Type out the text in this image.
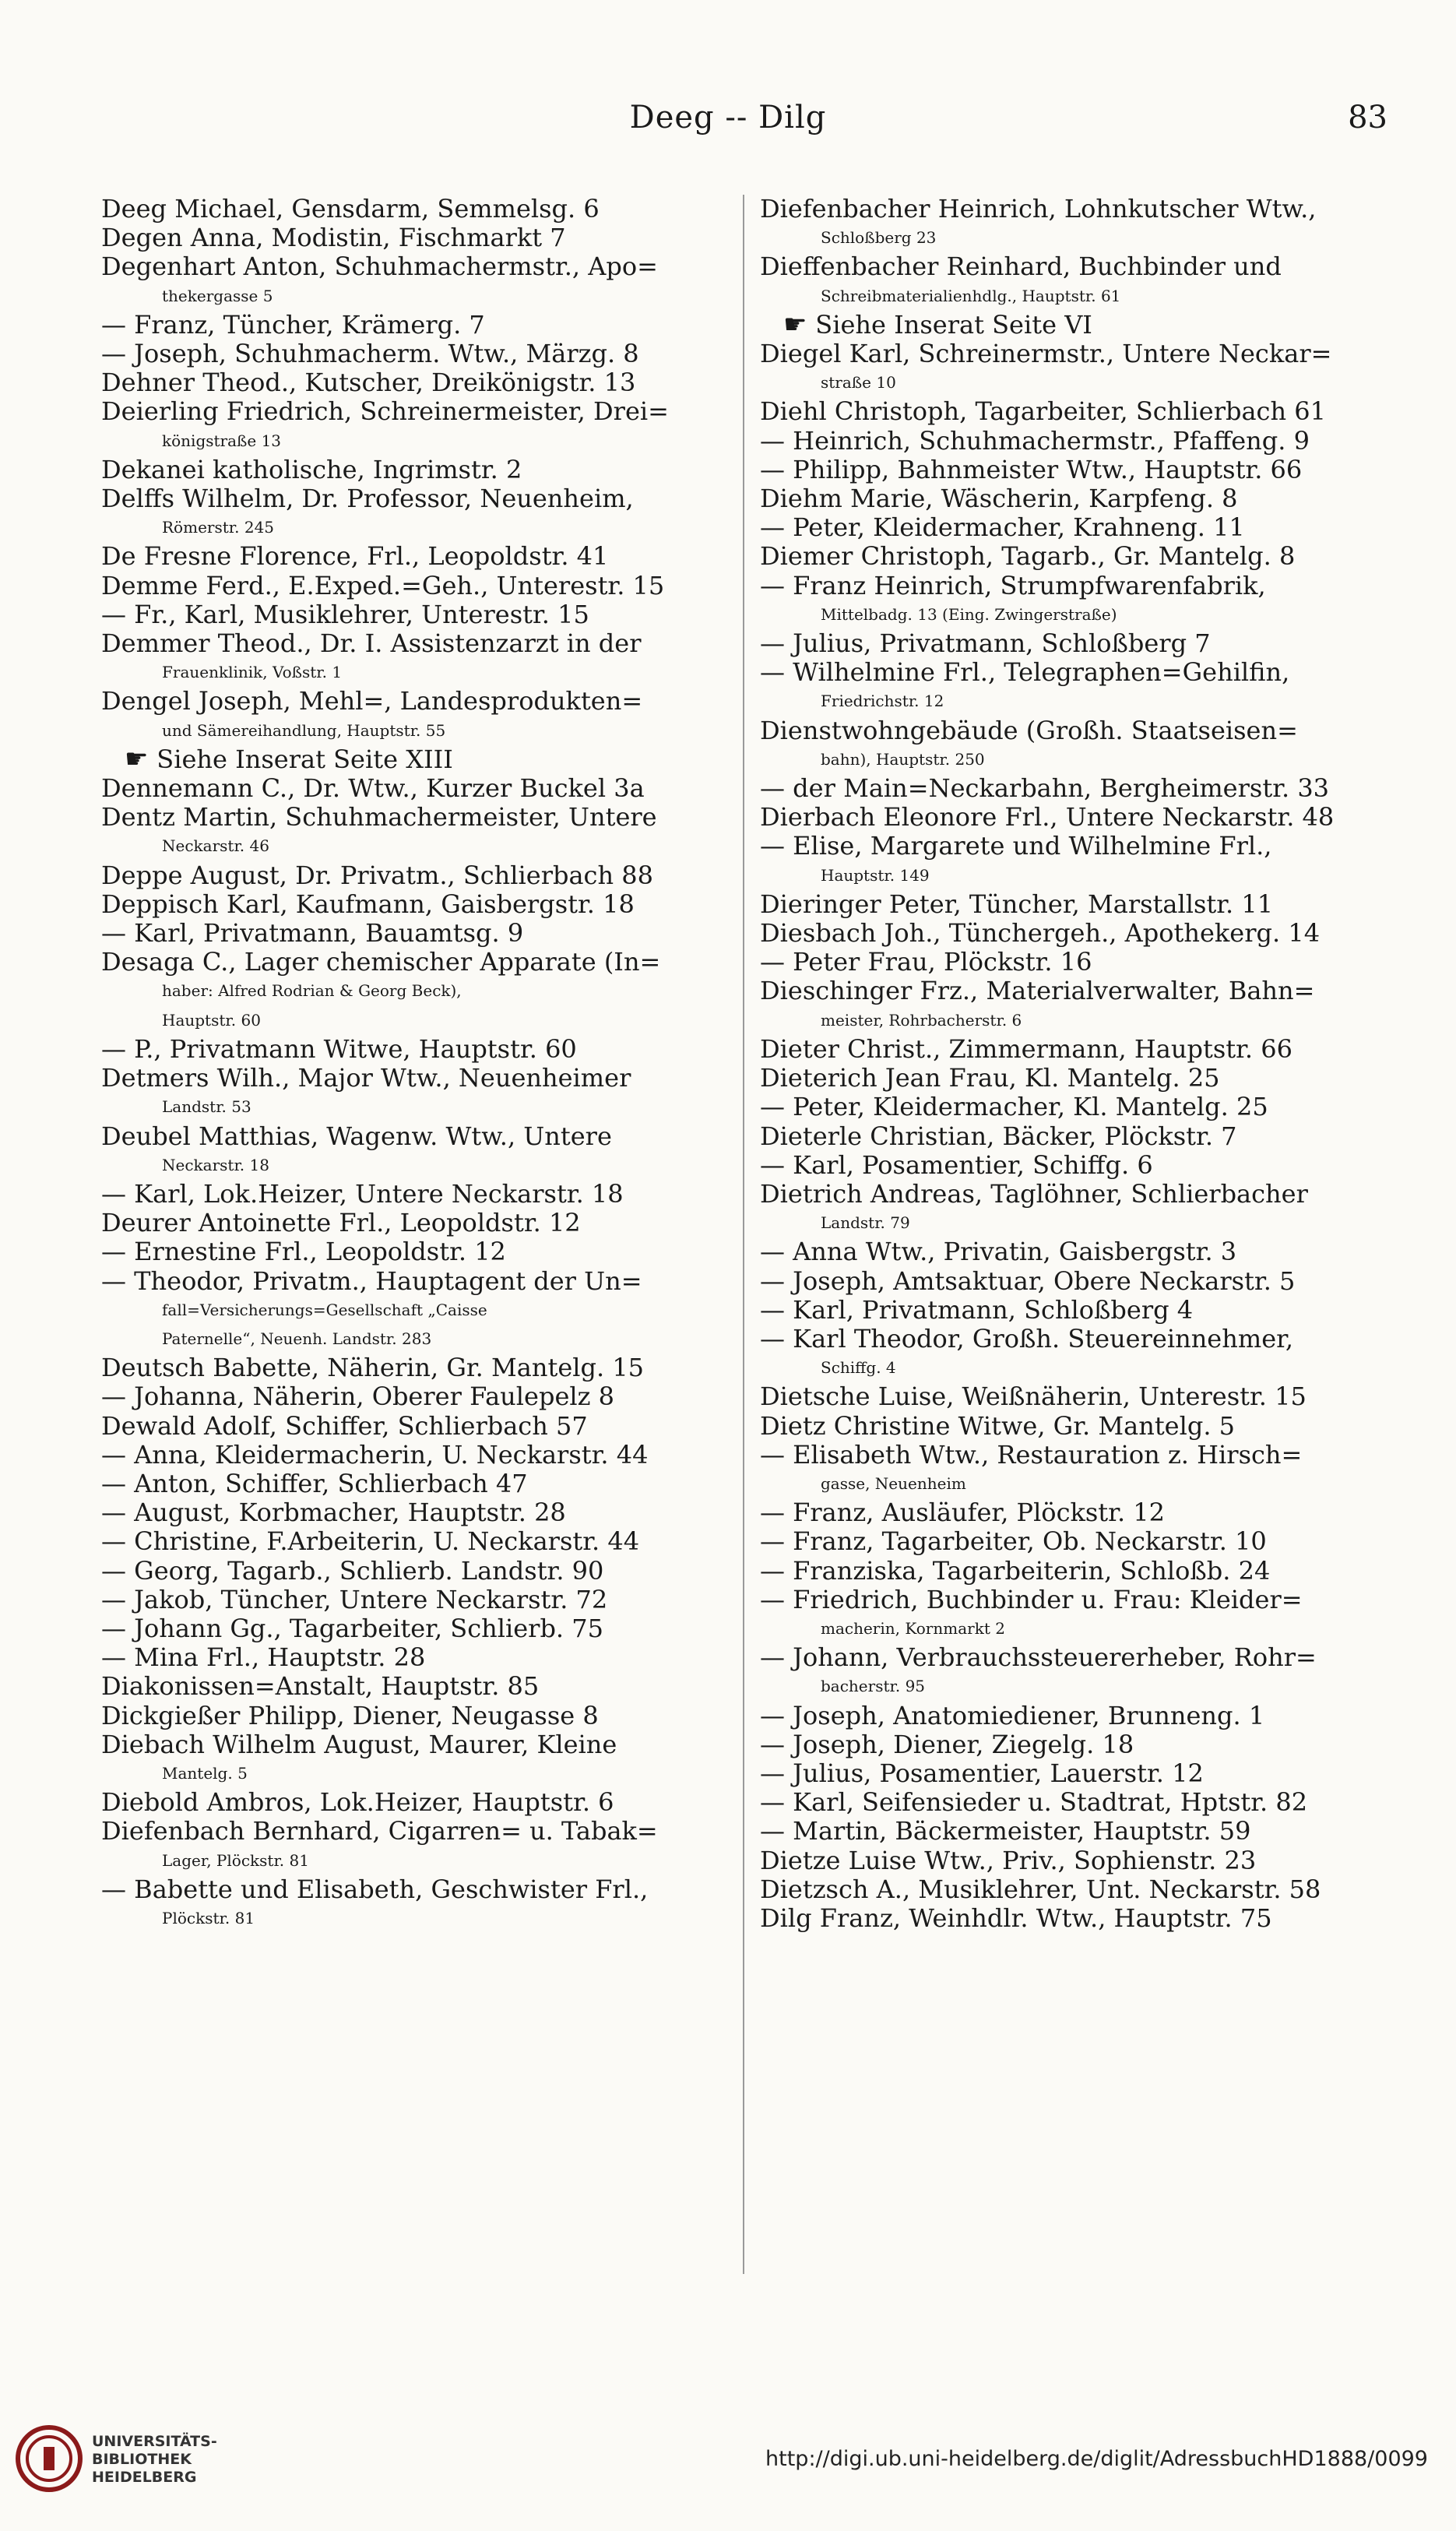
Deeg -- Dilg	83
Deeg Michael, Gensdarm, Semmelsg. 6
Degen Anna, Modistin, Fischmarkt 7
Degenhart Anton, Schuhmachermstr., Apo=
thekergasse 5
— Franz, Tüncher, Krämerg. 7
— Joseph, Schuhmacherm. Wtw., Märzg. 8
Dehner Theod., Kutscher, Dreikönigstr. 13
Deierling Friedrich, Schreinermeister, Drei=
königstraße 13
Dekanei katholische, Ingrimstr. 2
Delffs Wilhelm, Dr. Professor, Neuenheim,
Römerstr. 245
De Fresne Florence, Frl., Leopoldstr. 41
Demme Ferd., E.Exped.=Geh., Unterestr. 15
— Fr., Karl, Musiklehrer, Unterestr. 15
Demmer Theod., Dr. I. Assistenzarzt in der
Frauenklinik, Voßstr. 1
Dengel Joseph, Mehl=, Landesprodukten=
und Sämereihandlung, Hauptstr. 55
☛ Siehe Inserat Seite XIII
Dennemann C., Dr. Wtw., Kurzer Buckel 3a
Dentz Martin, Schuhmachermeister, Untere
Neckarstr. 46
Deppe August, Dr. Privatm., Schlierbach 88
Deppisch Karl, Kaufmann, Gaisbergstr. 18
— Karl, Privatmann, Bauamtsg. 9
Desaga C., Lager chemischer Apparate (In=
haber: Alfred Rodrian & Georg Beck),
Hauptstr. 60
— P., Privatmann Witwe, Hauptstr. 60
Detmers Wilh., Major Wtw., Neuenheimer
Landstr. 53
Deubel Matthias, Wagenw. Wtw., Untere
Neckarstr. 18
— Karl, Lok.Heizer, Untere Neckarstr. 18
Deurer Antoinette Frl., Leopoldstr. 12
— Ernestine Frl., Leopoldstr. 12
— Theodor, Privatm., Hauptagent der Un=
fall=Versicherungs=Gesellschaft „Caisse
Paternelle“, Neuenh. Landstr. 283
Deutsch Babette, Näherin, Gr. Mantelg. 15
— Johanna, Näherin, Oberer Faulepelz 8
Dewald Adolf, Schiffer, Schlierbach 57
— Anna, Kleidermacherin, U. Neckarstr. 44
— Anton, Schiffer, Schlierbach 47
— August, Korbmacher, Hauptstr. 28
— Christine, F.Arbeiterin, U. Neckarstr. 44
— Georg, Tagarb., Schlierb. Landstr. 90
— Jakob, Tüncher, Untere Neckarstr. 72
— Johann Gg., Tagarbeiter, Schlierb. 75
— Mina Frl., Hauptstr. 28
Diakonissen=Anstalt, Hauptstr. 85
Dickgießer Philipp, Diener, Neugasse 8
Diebach Wilhelm August, Maurer, Kleine
Mantelg. 5
Diebold Ambros, Lok.Heizer, Hauptstr. 6
Diefenbach Bernhard, Cigarren= u. Tabak=
Lager, Plöckstr. 81
— Babette und Elisabeth, Geschwister Frl.,
Plöckstr. 81
Diefenbacher Heinrich, Lohnkutscher Wtw.,
Schloßberg 23
Dieffenbacher Reinhard, Buchbinder und
Schreibmaterialienhdlg., Hauptstr. 61
☛ Siehe Inserat Seite VI
Diegel Karl, Schreinermstr., Untere Neckar=
straße 10
Diehl Christoph, Tagarbeiter, Schlierbach 61
— Heinrich, Schuhmachermstr., Pfaffeng. 9
— Philipp, Bahnmeister Wtw., Hauptstr. 66
Diehm Marie, Wäscherin, Karpfeng. 8
— Peter, Kleidermacher, Krahneng. 11
Diemer Christoph, Tagarb., Gr. Mantelg. 8
— Franz Heinrich, Strumpfwarenfabrik,
Mittelbadg. 13 (Eing. Zwingerstraße)
— Julius, Privatmann, Schloßberg 7
— Wilhelmine Frl., Telegraphen=Gehilfin,
Friedrichstr. 12
Dienstwohngebäude (Großh. Staatseisen=
bahn), Hauptstr. 250
— der Main=Neckarbahn, Bergheimerstr. 33
Dierbach Eleonore Frl., Untere Neckarstr. 48
— Elise, Margarete und Wilhelmine Frl.,
Hauptstr. 149
Dieringer Peter, Tüncher, Marstallstr. 11
Diesbach Joh., Tünchergeh., Apothekerg. 14
— Peter Frau, Plöckstr. 16
Dieschinger Frz., Materialverwalter, Bahn=
meister, Rohrbacherstr. 6
Dieter Christ., Zimmermann, Hauptstr. 66
Dieterich Jean Frau, Kl. Mantelg. 25
— Peter, Kleidermacher, Kl. Mantelg. 25
Dieterle Christian, Bäcker, Plöckstr. 7
— Karl, Posamentier, Schiffg. 6
Dietrich Andreas, Taglöhner, Schlierbacher
Landstr. 79
— Anna Wtw., Privatin, Gaisbergstr. 3
— Joseph, Amtsaktuar, Obere Neckarstr. 5
— Karl, Privatmann, Schloßberg 4
— Karl Theodor, Großh. Steuereinnehmer,
Schiffg. 4
Dietsche Luise, Weißnäherin, Unterestr. 15
Dietz Christine Witwe, Gr. Mantelg. 5
— Elisabeth Wtw., Restauration z. Hirsch=
gasse, Neuenheim
— Franz, Ausläufer, Plöckstr. 12
— Franz, Tagarbeiter, Ob. Neckarstr. 10
— Franziska, Tagarbeiterin, Schloßb. 24
— Friedrich, Buchbinder u. Frau: Kleider=
macherin, Kornmarkt 2
— Johann, Verbrauchssteuererheber, Rohr=
bacherstr. 95
— Joseph, Anatomiediener, Brunneng. 1
— Joseph, Diener, Ziegelg. 18
— Julius, Posamentier, Lauerstr. 12
— Karl, Seifensieder u. Stadtrat, Hptstr. 82
— Martin, Bäckermeister, Hauptstr. 59
Dietze Luise Wtw., Priv., Sophienstr. 23
Dietzsch A., Musiklehrer, Unt. Neckarstr. 58
Dilg Franz, Weinhdlr. Wtw., Hauptstr. 75
UNIVERSITÄTS-
BIBLIOTHEK
HEIDELBERG
http://digi.ub.uni-heidelberg.de/diglit/AdressbuchHD1888/0099
